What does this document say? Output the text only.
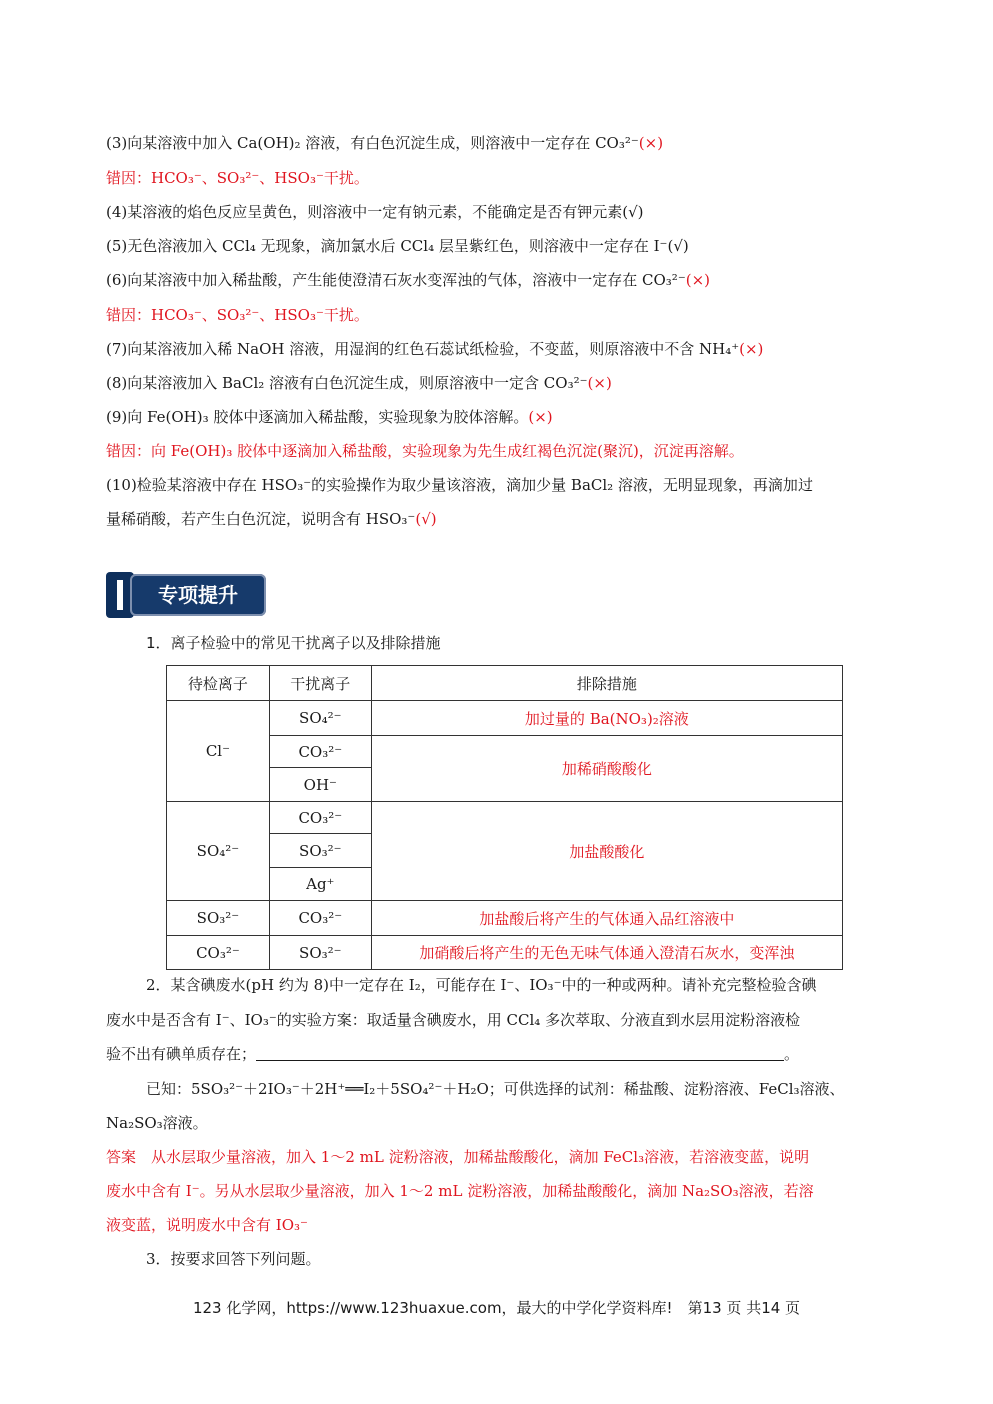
(3)向某溶液中加入 Ca(OH)₂ 溶液，有白色沉淀生成，则溶液中一定存在 CO₃²⁻(×)
错因：HCO₃⁻、SO₃²⁻、HSO₃⁻干扰。
(4)某溶液的焰色反应呈黄色，则溶液中一定有钠元素，不能确定是否有钾元素(√)
(5)无色溶液加入 CCl₄ 无现象，滴加氯水后 CCl₄ 层呈紫红色，则溶液中一定存在 I⁻(√)
(6)向某溶液中加入稀盐酸，产生能使澄清石灰水变浑浊的气体，溶液中一定存在 CO₃²⁻(×)
错因：HCO₃⁻、SO₃²⁻、HSO₃⁻干扰。
(7)向某溶液加入稀 NaOH 溶液，用湿润的红色石蕊试纸检验，不变蓝，则原溶液中不含 NH₄⁺(×)
(8)向某溶液加入 BaCl₂ 溶液有白色沉淀生成，则原溶液中一定含 CO₃²⁻(×)
(9)向 Fe(OH)₃ 胶体中逐滴加入稀盐酸，实验现象为胶体溶解。(×)
错因：向 Fe(OH)₃ 胶体中逐滴加入稀盐酸，实验现象为先生成红褐色沉淀(聚沉)，沉淀再溶解。
(10)检验某溶液中存在 HSO₃⁻的实验操作为取少量该溶液，滴加少量 BaCl₂ 溶液，无明显现象，再滴加过
量稀硝酸，若产生白色沉淀，说明含有 HSO₃⁻(√)
专项提升
1．离子检验中的常见干扰离子以及排除措施
待检离子	干扰离子	排除措施
Cl⁻	SO₄²⁻	加过量的 Ba(NO₃)₂溶液
	CO₃²⁻	加稀硝酸酸化
	OH⁻	
SO₄²⁻	CO₃²⁻	加盐酸酸化
	SO₃²⁻	
	Ag⁺	
SO₃²⁻	CO₃²⁻	加盐酸后将产生的气体通入品红溶液中
CO₃²⁻	SO₃²⁻	加硝酸后将产生的无色无味气体通入澄清石灰水，变浑浊
2．某含碘废水(pH 约为 8)中一定存在 I₂，可能存在 I⁻、IO₃⁻中的一种或两种。请补充完整检验含碘
废水中是否含有 I⁻、IO₃⁻的实验方案：取适量含碘废水，用 CCl₄ 多次萃取、分液直到水层用淀粉溶液检
验不出有碘单质存在；	。
已知：5SO₃²⁻＋2IO₃⁻＋2H⁺══I₂＋5SO₄²⁻＋H₂O；可供选择的试剂：稀盐酸、淀粉溶液、FeCl₃溶液、
Na₂SO₃溶液。
答案　从水层取少量溶液，加入 1～2 mL 淀粉溶液，加稀盐酸酸化，滴加 FeCl₃溶液，若溶液变蓝，说明
废水中含有 I⁻。另从水层取少量溶液，加入 1～2 mL 淀粉溶液，加稀盐酸酸化，滴加 Na₂SO₃溶液，若溶
液变蓝，说明废水中含有 IO₃⁻
3．按要求回答下列问题。
123 化学网，https://www.123huaxue.com，最大的中学化学资料库!　第13 页 共14 页
